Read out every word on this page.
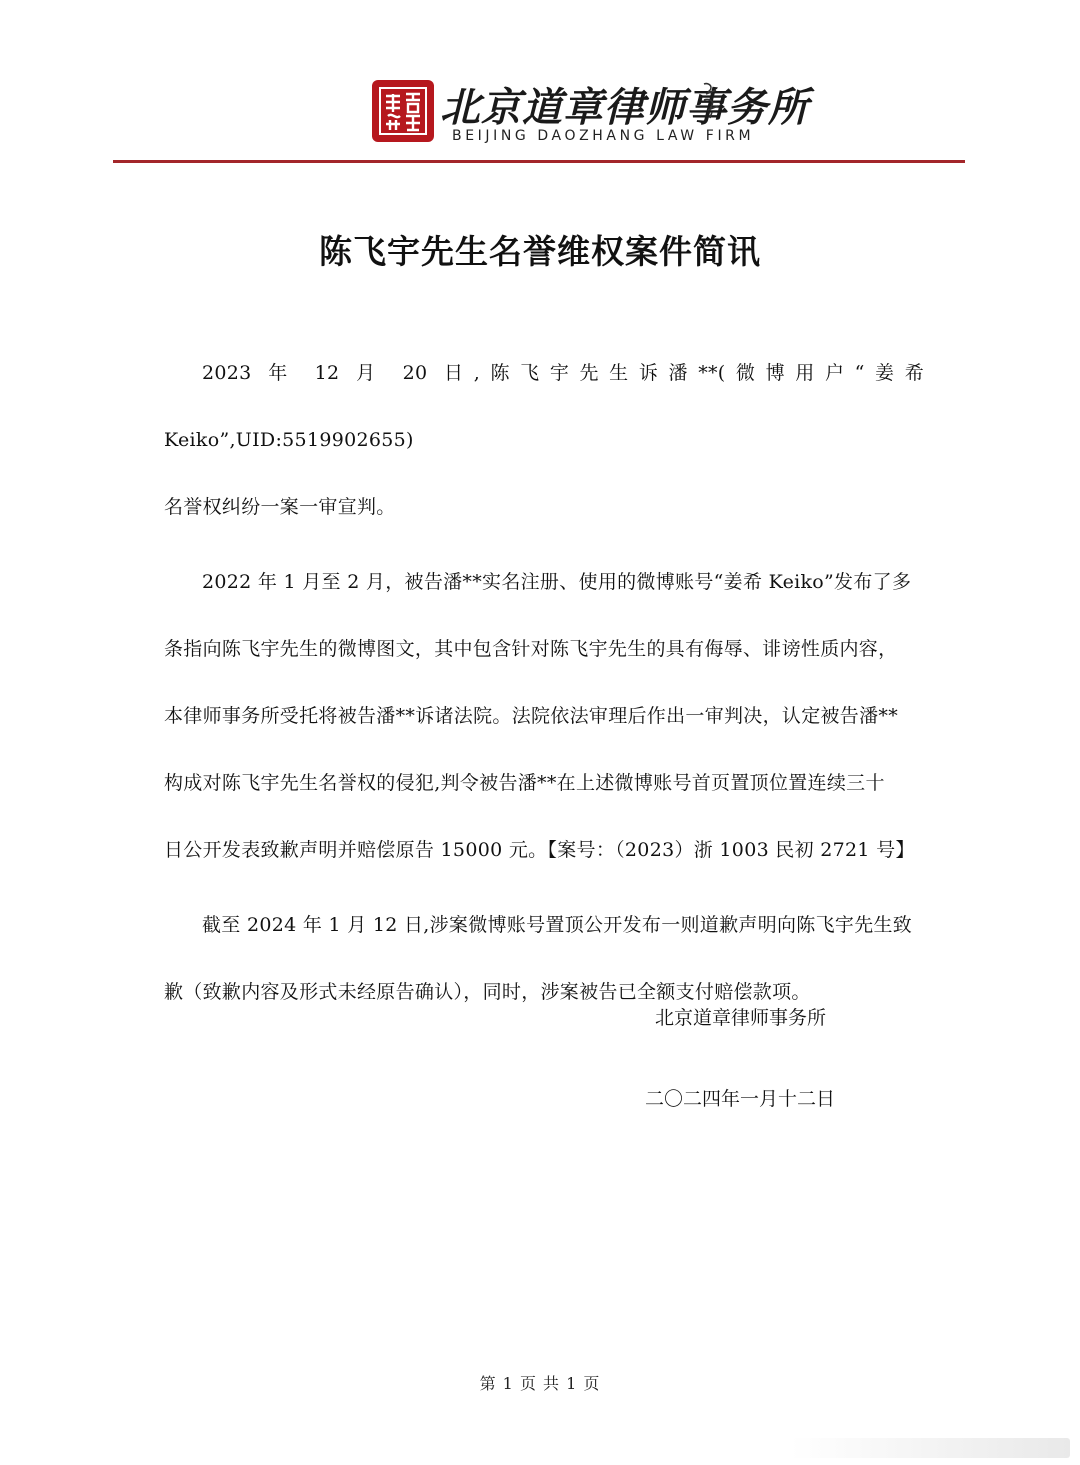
北京道章律师事务所
BEIJING DAOZHANG LAW FIRM
陈飞宇先生名誉维权案件简讯

2023 年 12 月 20 日,陈飞宇先生诉潘**(微博用户“姜希 Keiko”,UID:5519902655)
名誉权纠纷一案一审宣判。

2022 年 1 月至 2 月，被告潘**实名注册、使用的微博账号“姜希 Keiko”发布了多
条指向陈飞宇先生的微博图文，其中包含针对陈飞宇先生的具有侮辱、诽谤性质内容，
本律师事务所受托将被告潘**诉诸法院。法院依法审理后作出一审判决，认定被告潘**
构成对陈飞宇先生名誉权的侵犯,判令被告潘**在上述微博账号首页置顶位置连续三十
日公开发表致歉声明并赔偿原告 15000 元。【案号：（2023）浙 1003 民初 2721 号】

截至 2024 年 1 月 12 日,涉案微博账号置顶公开发布一则道歉声明向陈飞宇先生致
歉（致歉内容及形式未经原告确认），同时，涉案被告已全额支付赔偿款项。

北京道章律师事务所
二〇二四年一月十二日
第 1 页 共 1 页
